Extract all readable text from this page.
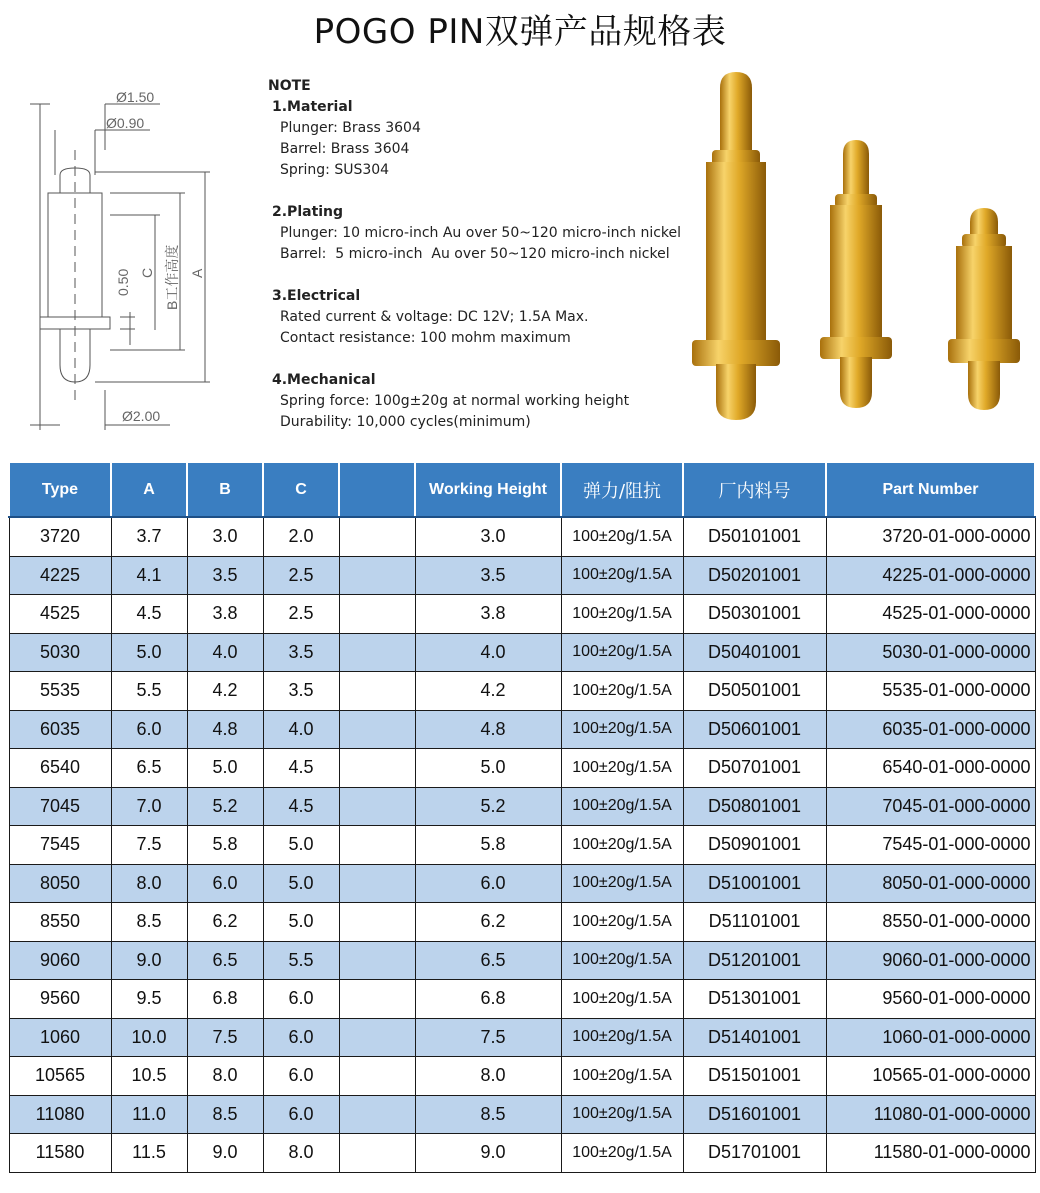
POGO PIN双弹产品规格表
Ø1.50
Ø0.90
Ø2.00
0.50 C B工作高度 A
NOTE
1.Material
Plunger: Brass 3604
Barrel: Brass 3604
Spring: SUS304
2.Plating
Plunger: 10 micro-inch Au over 50~120 micro-inch nickel
Barrel:  5 micro-inch  Au over 50~120 micro-inch nickel
3.Electrical
Rated current & voltage: DC 12V; 1.5A Max.
Contact resistance: 100 mohm maximum
4.Mechanical
Spring force: 100g±20g at normal working height
Durability: 10,000 cycles(minimum)
Type	A	B	C		Working Height	弹力/阻抗	厂内料号	Part Number
3720	3.7	3.0	2.0		3.0	100±20g/1.5A	D50101001	3720-01-000-0000
4225	4.1	3.5	2.5		3.5	100±20g/1.5A	D50201001	4225-01-000-0000
4525	4.5	3.8	2.5		3.8	100±20g/1.5A	D50301001	4525-01-000-0000
5030	5.0	4.0	3.5		4.0	100±20g/1.5A	D50401001	5030-01-000-0000
5535	5.5	4.2	3.5		4.2	100±20g/1.5A	D50501001	5535-01-000-0000
6035	6.0	4.8	4.0		4.8	100±20g/1.5A	D50601001	6035-01-000-0000
6540	6.5	5.0	4.5		5.0	100±20g/1.5A	D50701001	6540-01-000-0000
7045	7.0	5.2	4.5		5.2	100±20g/1.5A	D50801001	7045-01-000-0000
7545	7.5	5.8	5.0		5.8	100±20g/1.5A	D50901001	7545-01-000-0000
8050	8.0	6.0	5.0		6.0	100±20g/1.5A	D51001001	8050-01-000-0000
8550	8.5	6.2	5.0		6.2	100±20g/1.5A	D51101001	8550-01-000-0000
9060	9.0	6.5	5.5		6.5	100±20g/1.5A	D51201001	9060-01-000-0000
9560	9.5	6.8	6.0		6.8	100±20g/1.5A	D51301001	9560-01-000-0000
1060	10.0	7.5	6.0		7.5	100±20g/1.5A	D51401001	1060-01-000-0000
10565	10.5	8.0	6.0		8.0	100±20g/1.5A	D51501001	10565-01-000-0000
11080	11.0	8.5	6.0		8.5	100±20g/1.5A	D51601001	11080-01-000-0000
11580	11.5	9.0	8.0		9.0	100±20g/1.5A	D51701001	11580-01-000-0000
